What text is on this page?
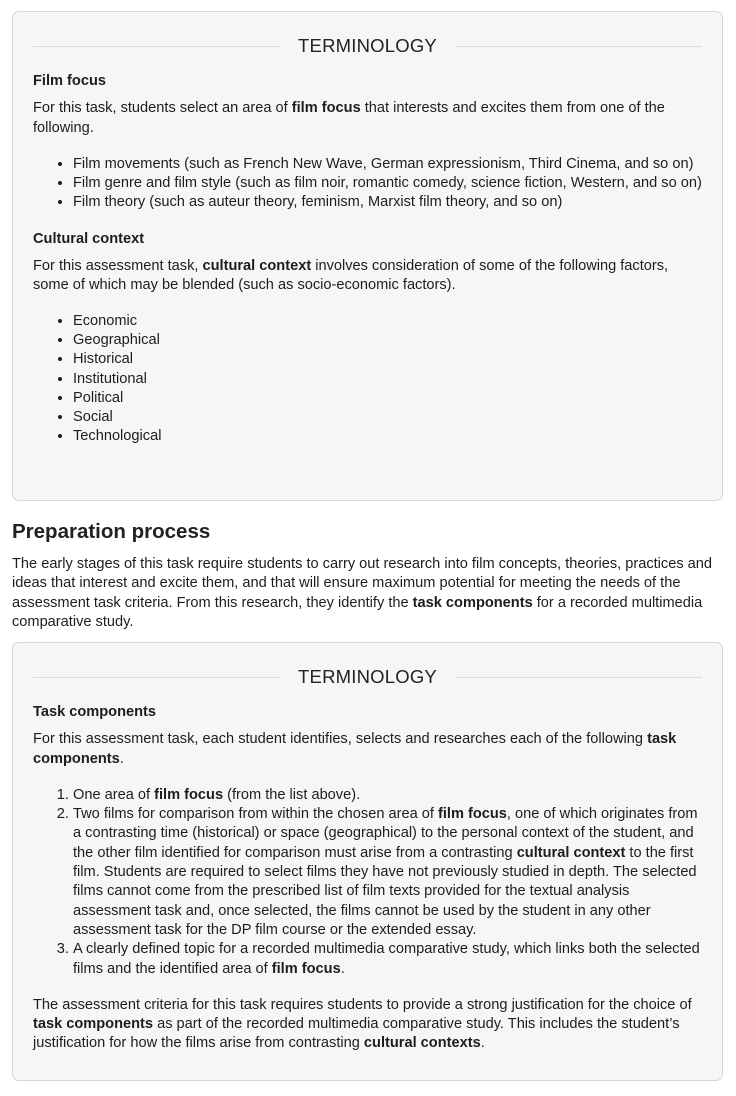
TERMINOLOGY
Film focus

For this task, students select an area of film focus that interests and excites them from one of the following.

• Film movements (such as French New Wave, German expressionism, Third Cinema, and so on)
• Film genre and film style (such as film noir, romantic comedy, science fiction, Western, and so on)
• Film theory (such as auteur theory, feminism, Marxist film theory, and so on)
Cultural context

For this assessment task, cultural context involves consideration of some of the following factors, some of which may be blended (such as socio-economic factors).

• Economic
• Geographical
• Historical
• Institutional
• Political
• Social
• Technological
Preparation process

The early stages of this task require students to carry out research into film concepts, theories, practices and ideas that interest and excite them, and that will ensure maximum potential for meeting the needs of the assessment task criteria. From this research, they identify the task components for a recorded multimedia comparative study.

TERMINOLOGY
Task components

For this assessment task, each student identifies, selects and researches each of the following task components.

1. One area of film focus (from the list above).
2. Two films for comparison from within the chosen area of film focus, one of which originates from a contrasting time (historical) or space (geographical) to the personal context of the student, and the other film identified for comparison must arise from a contrasting cultural context to the first film. Students are required to select films they have not previously studied in depth. The selected films cannot come from the prescribed list of film texts provided for the textual analysis assessment task and, once selected, the films cannot be used by the student in any other assessment task for the DP film course or the extended essay.
3. A clearly defined topic for a recorded multimedia comparative study, which links both the selected films and the identified area of film focus.

The assessment criteria for this task requires students to provide a strong justification for the choice of task components as part of the recorded multimedia comparative study. This includes the student’s justification for how the films arise from contrasting cultural contexts.
